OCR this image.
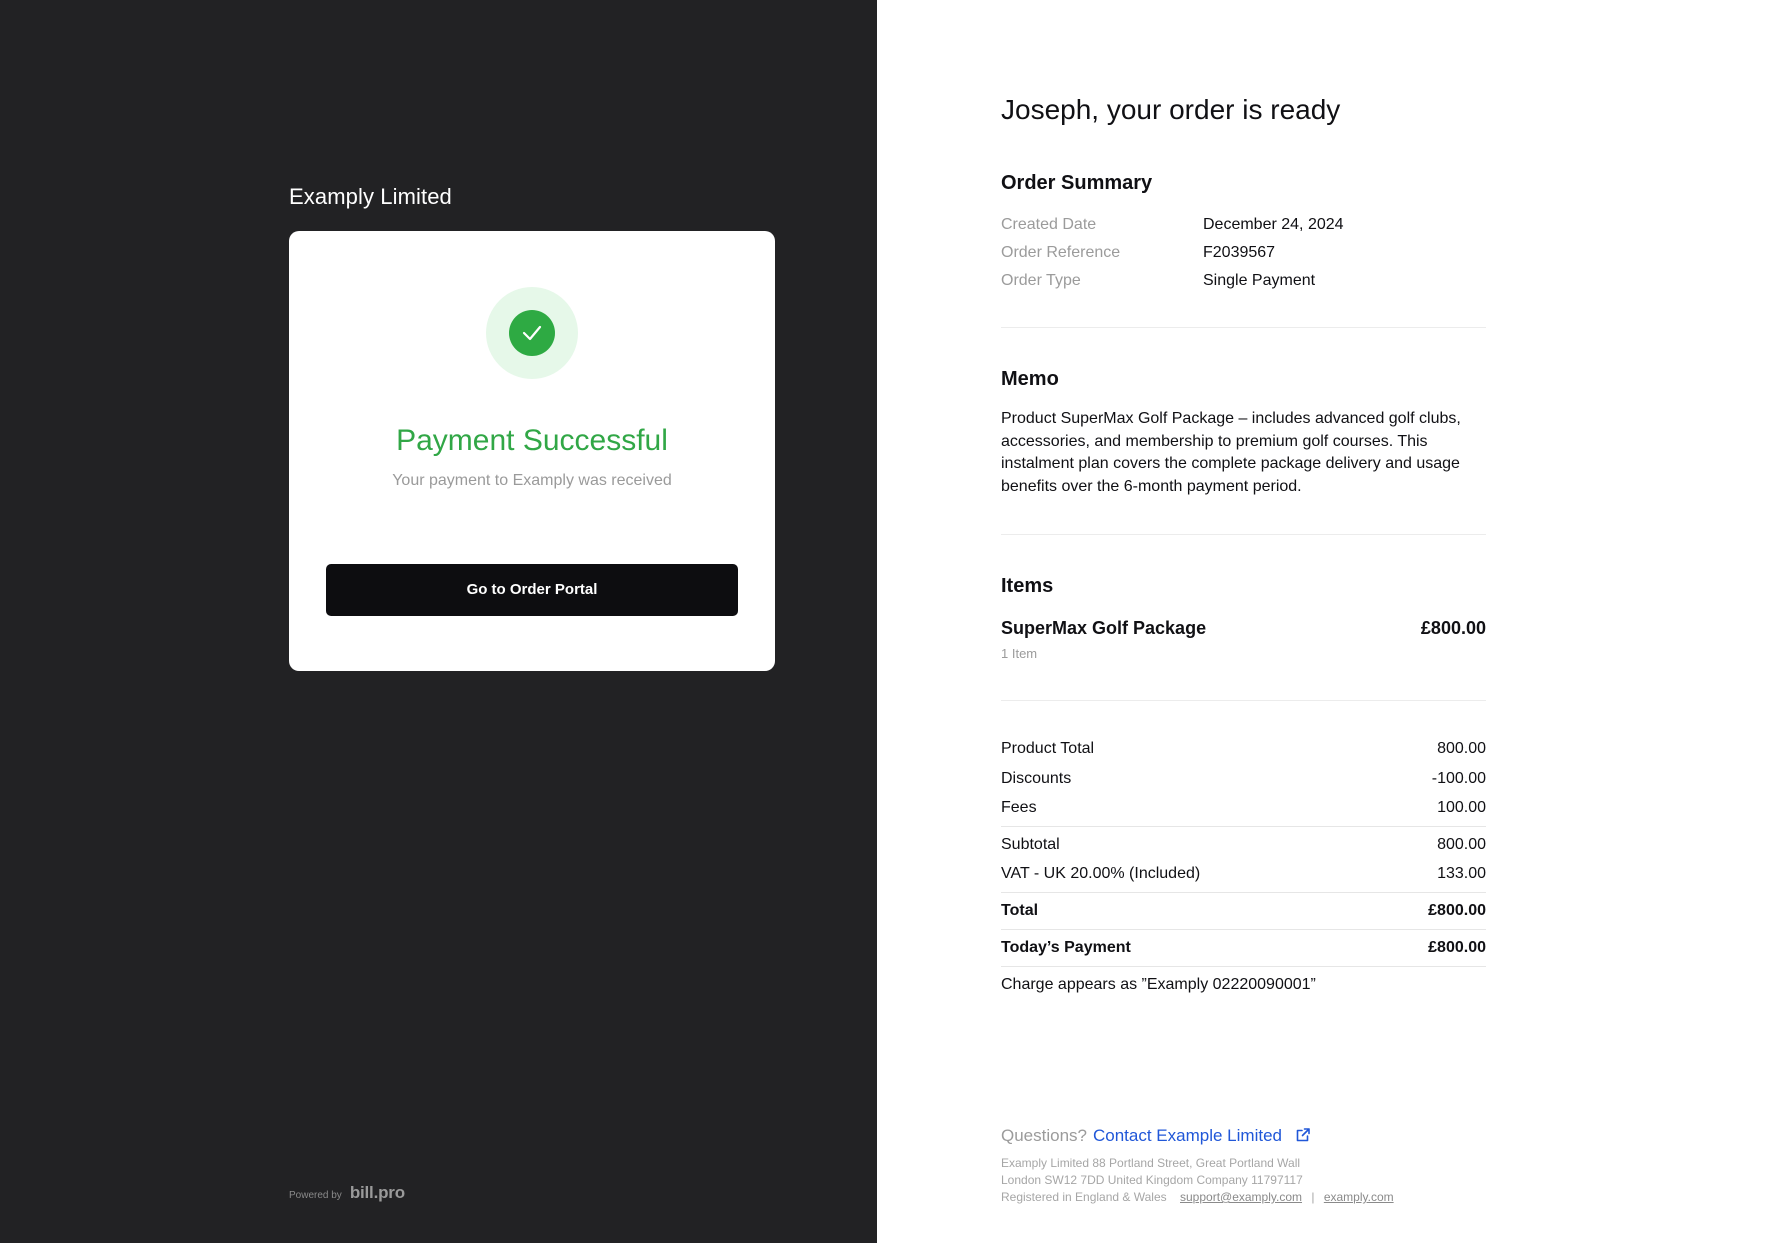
Examply Limited
Payment Successful
Your payment to Examply was received
Go to Order Portal
Powered by bill.pro
Joseph, your order is ready
Order Summary
Created Date	December 24, 2024
Order Reference	F2039567
Order Type	Single Payment
Memo
Product SuperMax Golf Package – includes advanced golf clubs, accessories, and membership to premium golf courses. This instalment plan covers the complete package delivery and usage benefits over the 6-month payment period.
Items
SuperMax Golf Package	£800.00
1 Item
Product Total	800.00
Discounts	-100.00
Fees	100.00
Subtotal	800.00
VAT - UK 20.00% (Included)	133.00
Total	£800.00
Today’s Payment	£800.00
Charge appears as ”Examply 02220090001”
Questions? Contact Example Limited
Examply Limited 88 Portland Street, Great Portland Wall
London SW12 7DD United Kingdom Company 11797117
Registered in England & Wales support@examply.com | examply.com
